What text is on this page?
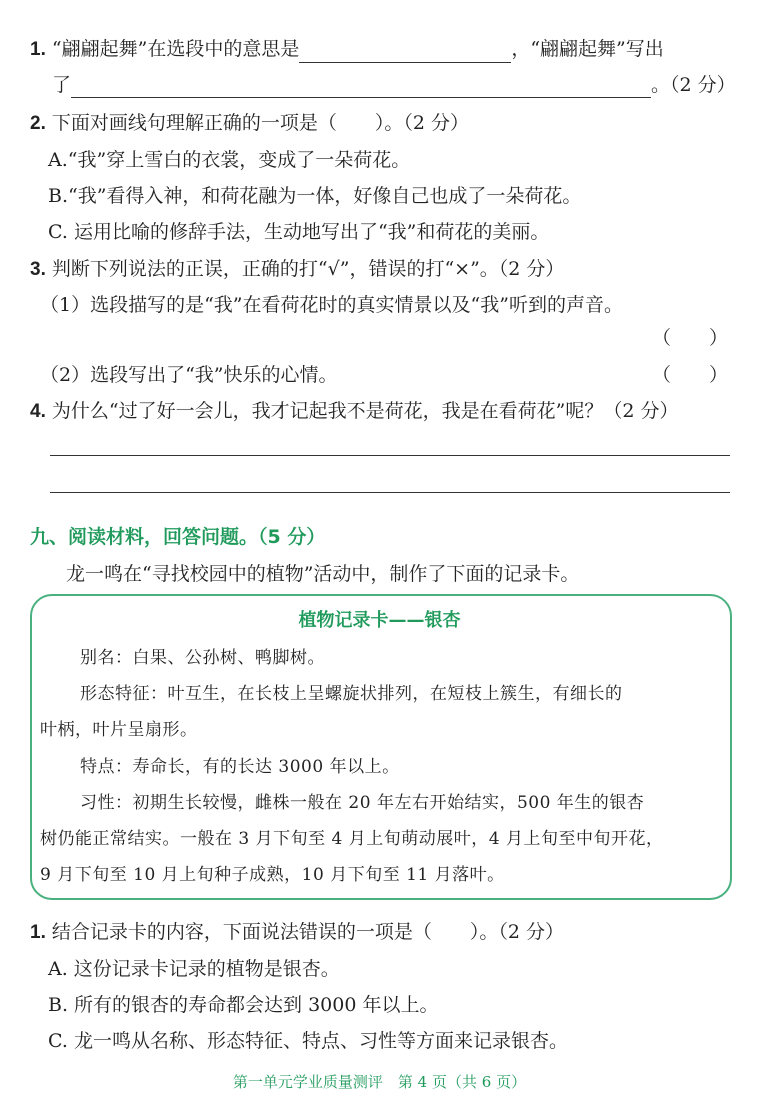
1. “翩翩起舞”在选段中的意思是	，“翩翩起舞”写出
了	。（2 分）
2. 下面对画线句理解正确的一项是（　　）。（2 分）
A.“我”穿上雪白的衣裳，变成了一朵荷花。
B.“我”看得入神，和荷花融为一体，好像自己也成了一朵荷花。
C. 运用比喻的修辞手法，生动地写出了“我”和荷花的美丽。
3. 判断下列说法的正误，正确的打“√”，错误的打“×”。（2 分）
（1）选段描写的是“我”在看荷花时的真实情景以及“我”听到的声音。
（　　）
（2）选段写出了“我”快乐的心情。	（　　）
4. 为什么“过了好一会儿，我才记起我不是荷花，我是在看荷花”呢？（2 分）
九、阅读材料，回答问题。（5 分）
龙一鸣在“寻找校园中的植物”活动中，制作了下面的记录卡。
植物记录卡——银杏
别名：白果、公孙树、鸭脚树。
形态特征：叶互生，在长枝上呈螺旋状排列，在短枝上簇生，有细长的
叶柄，叶片呈扇形。
特点：寿命长，有的长达 3000 年以上。
习性：初期生长较慢，雌株一般在 20 年左右开始结实，500 年生的银杏
树仍能正常结实。一般在 3 月下旬至 4 月上旬萌动展叶，4 月上旬至中旬开花，
9 月下旬至 10 月上旬种子成熟，10 月下旬至 11 月落叶。
1. 结合记录卡的内容，下面说法错误的一项是（　　）。（2 分）
A. 这份记录卡记录的植物是银杏。
B. 所有的银杏的寿命都会达到 3000 年以上。
C. 龙一鸣从名称、形态特征、特点、习性等方面来记录银杏。
第一单元学业质量测评　第 4 页（共 6 页）
